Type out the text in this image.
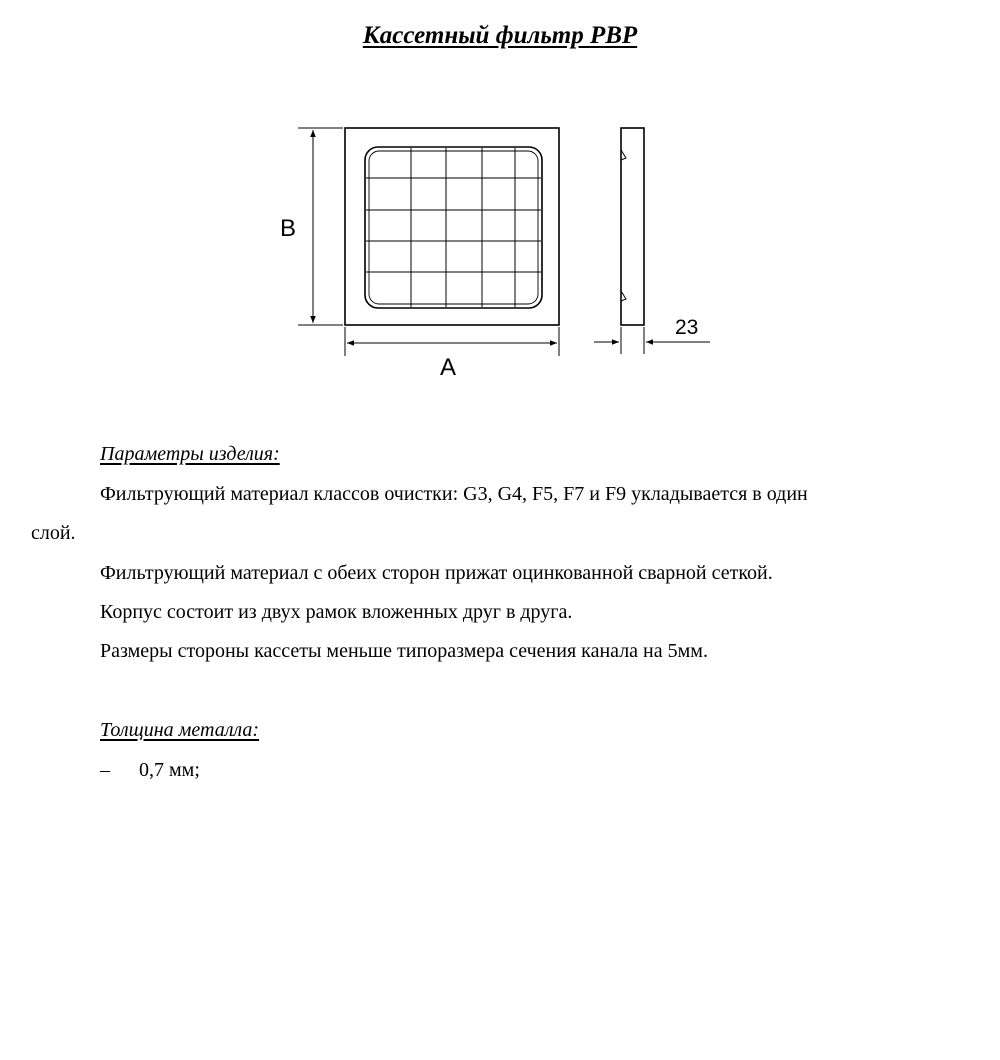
Кассетный фильтр РВР
B
A
23
Параметры изделия:
Фильтрующий материал классов очистки: G3, G4, F5, F7 и F9 укладывается в один
слой.
Фильтрующий материал с обеих сторон прижат оцинкованной сварной сеткой.
Корпус состоит из двух рамок вложенных друг в друга.
Размеры стороны кассеты меньше типоразмера сечения канала на 5мм.
Толщина металла:
– 0,7 мм;
